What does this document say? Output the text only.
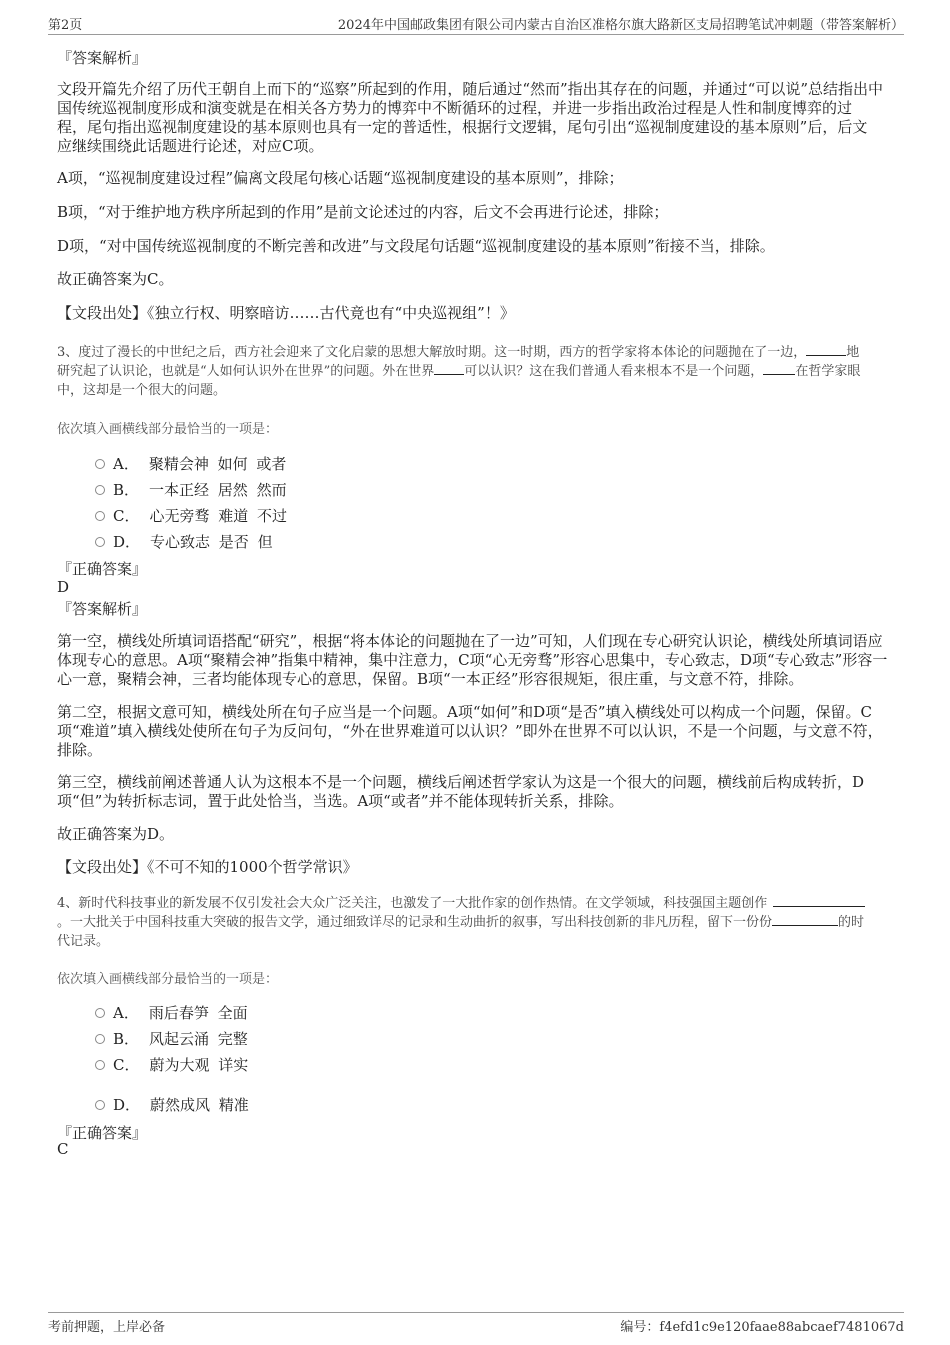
第2页	2024年中国邮政集团有限公司内蒙古自治区准格尔旗大路新区支局招聘笔试冲刺题（带答案解析）
『答案解析』
文段开篇先介绍了历代王朝自上而下的“巡察”所起到的作用，随后通过“然而”指出其存在的问题，并通过“可以说”总结指出中
国传统巡视制度形成和演变就是在相关各方势力的博弈中不断循环的过程，并进一步指出政治过程是人性和制度博弈的过
程，尾句指出巡视制度建设的基本原则也具有一定的普适性，根据行文逻辑，尾句引出“巡视制度建设的基本原则”后，后文
应继续围绕此话题进行论述，对应C项。
A项，“巡视制度建设过程”偏离文段尾句核心话题“巡视制度建设的基本原则”，排除；
B项，“对于维护地方秩序所起到的作用”是前文论述过的内容，后文不会再进行论述，排除；
D项，“对中国传统巡视制度的不断完善和改进”与文段尾句话题“巡视制度建设的基本原则”衔接不当，排除。
故正确答案为C。
【文段出处】《独立行权、明察暗访……古代竟也有“中央巡视组”！》
3、度过了漫长的中世纪之后，西方社会迎来了文化启蒙的思想大解放时期。这一时期，西方的哲学家将本体论的问题抛在了一边，	地
研究起了认识论，也就是“人如何认识外在世界”的问题。外在世界 可以认识？这在我们普通人看来根本不是一个问题， 在哲学家眼
中，这却是一个很大的问题。
依次填入画横线部分最恰当的一项是：
A． 聚精会神 如何 或者
B． 一本正经 居然 然而
C． 心无旁骛 难道 不过
D． 专心致志 是否 但
『正确答案』
D
『答案解析』
第一空，横线处所填词语搭配“研究”，根据“将本体论的问题抛在了一边”可知，人们现在专心研究认识论，横线处所填词语应
体现专心的意思。A项“聚精会神”指集中精神，集中注意力，C项“心无旁骛”形容心思集中，专心致志，D项“专心致志”形容一
心一意，聚精会神，三者均能体现专心的意思，保留。B项“一本正经”形容很规矩，很庄重，与文意不符，排除。
第二空，根据文意可知，横线处所在句子应当是一个问题。A项“如何”和D项“是否”填入横线处可以构成一个问题，保留。C
项“难道”填入横线处使所在句子为反问句，“外在世界难道可以认识？”即外在世界不可以认识，不是一个问题，与文意不符，
排除。
第三空，横线前阐述普通人认为这根本不是一个问题，横线后阐述哲学家认为这是一个很大的问题，横线前后构成转折，D
项“但”为转折标志词，置于此处恰当，当选。A项“或者”并不能体现转折关系，排除。
故正确答案为D。
【文段出处】《不可不知的1000个哲学常识》
4、新时代科技事业的新发展不仅引发社会大众广泛关注，也激发了一大批作家的创作热情。在文学领域，科技强国主题创作
。一大批关于中国科技重大突破的报告文学，通过细致详尽的记录和生动曲折的叙事，写出科技创新的非凡历程，留下一份份	的时
代记录。
依次填入画横线部分最恰当的一项是：
A． 雨后春笋 全面
B． 风起云涌 完整
C． 蔚为大观 详实
D． 蔚然成风 精准
『正确答案』
C
考前押题，上岸必备	编号：f4efd1c9e120faae88abcaef7481067d
